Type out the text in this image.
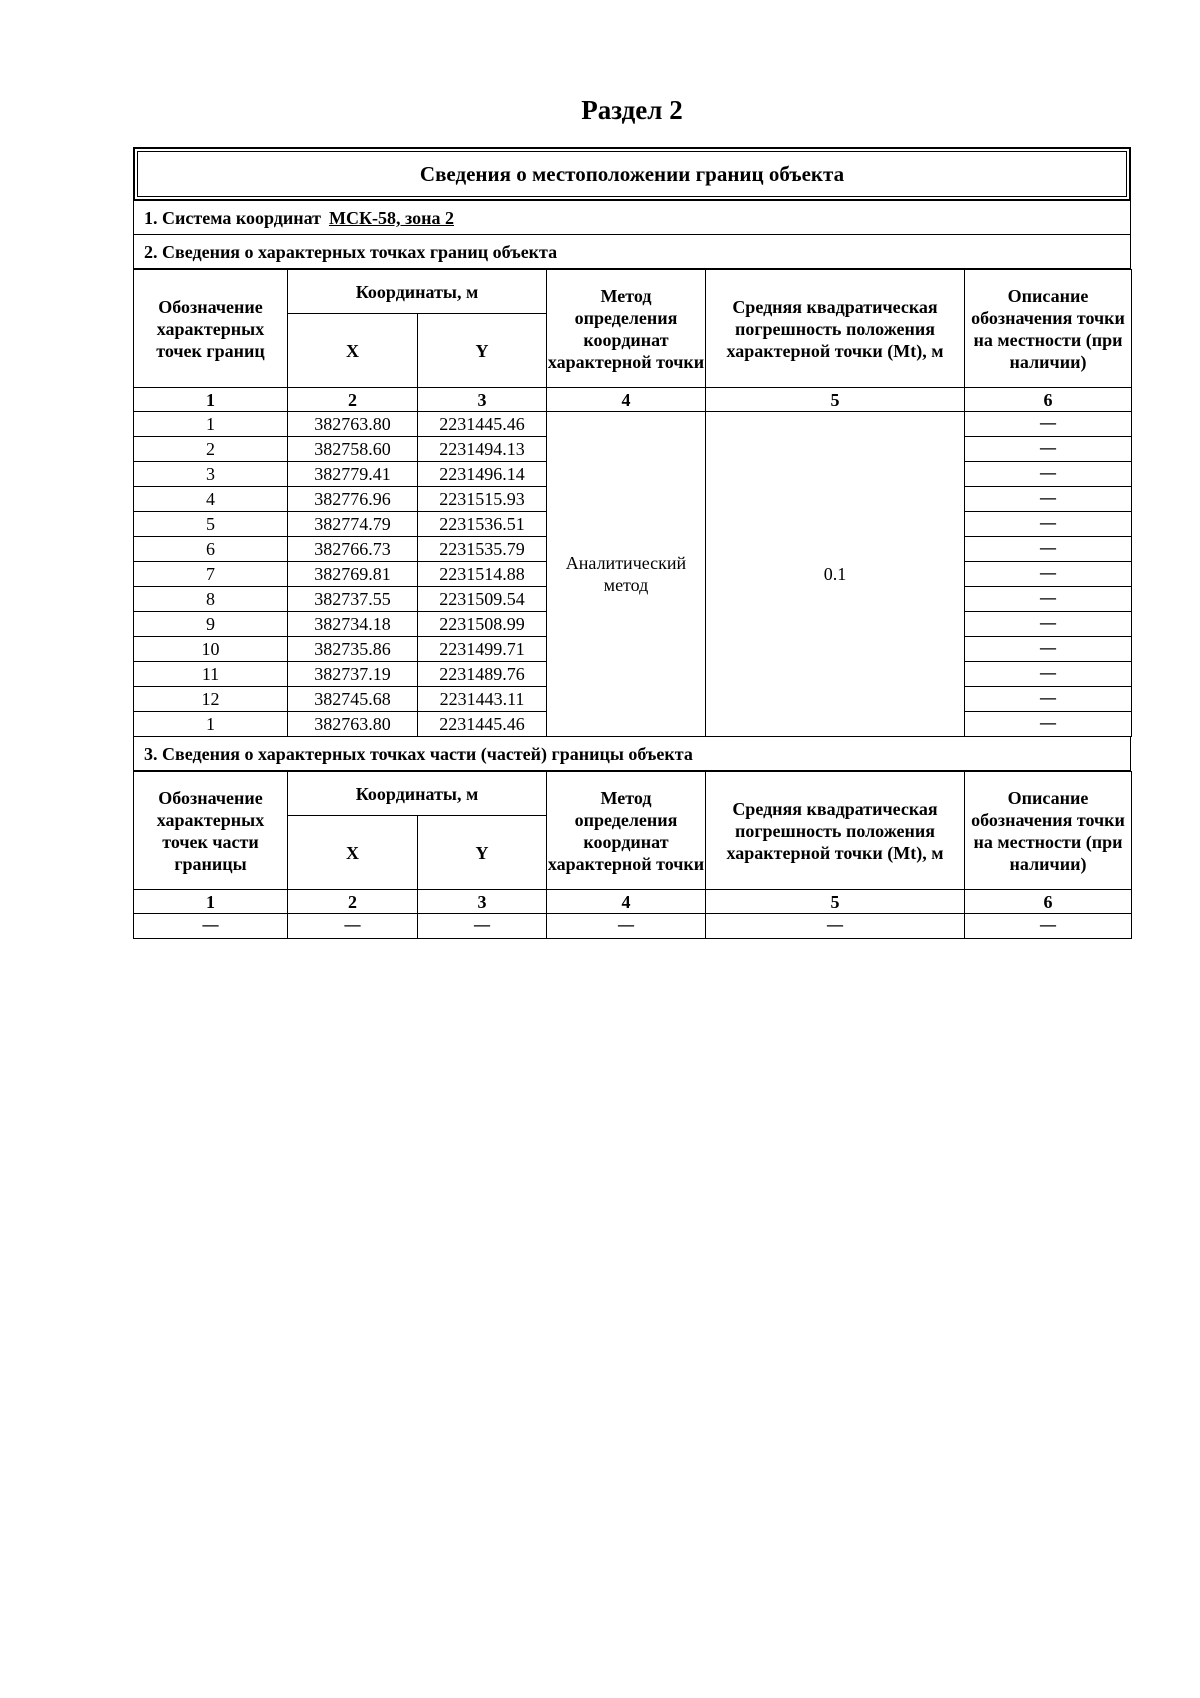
Раздел 2
Сведения о местоположении границ объекта
1. Система координат МСК-58, зона 2
2. Сведения о характерных точках границ объекта
Обозначение характерных точек границ	Координаты, м		Метод определения координат характерной точки	Средняя квадратическая погрешность положения характерной точки (Mt), м	Описание обозначения точки на местности (при наличии)
	X	Y			
1	2	3	4	5	6
1	382763.80	2231445.46	Аналитический метод	0.1	—
2	382758.60	2231494.13			—
3	382779.41	2231496.14			—
4	382776.96	2231515.93			—
5	382774.79	2231536.51			—
6	382766.73	2231535.79			—
7	382769.81	2231514.88			—
8	382737.55	2231509.54			—
9	382734.18	2231508.99			—
10	382735.86	2231499.71			—
11	382737.19	2231489.76			—
12	382745.68	2231443.11			—
1	382763.80	2231445.46			—
3. Сведения о характерных точках части (частей) границы объекта
Обозначение характерных точек части границы	Координаты, м		Метод определения координат характерной точки	Средняя квадратическая погрешность положения характерной точки (Mt), м	Описание обозначения точки на местности (при наличии)
	X	Y			
1	2	3	4	5	6
—	—	—	—	—	—
